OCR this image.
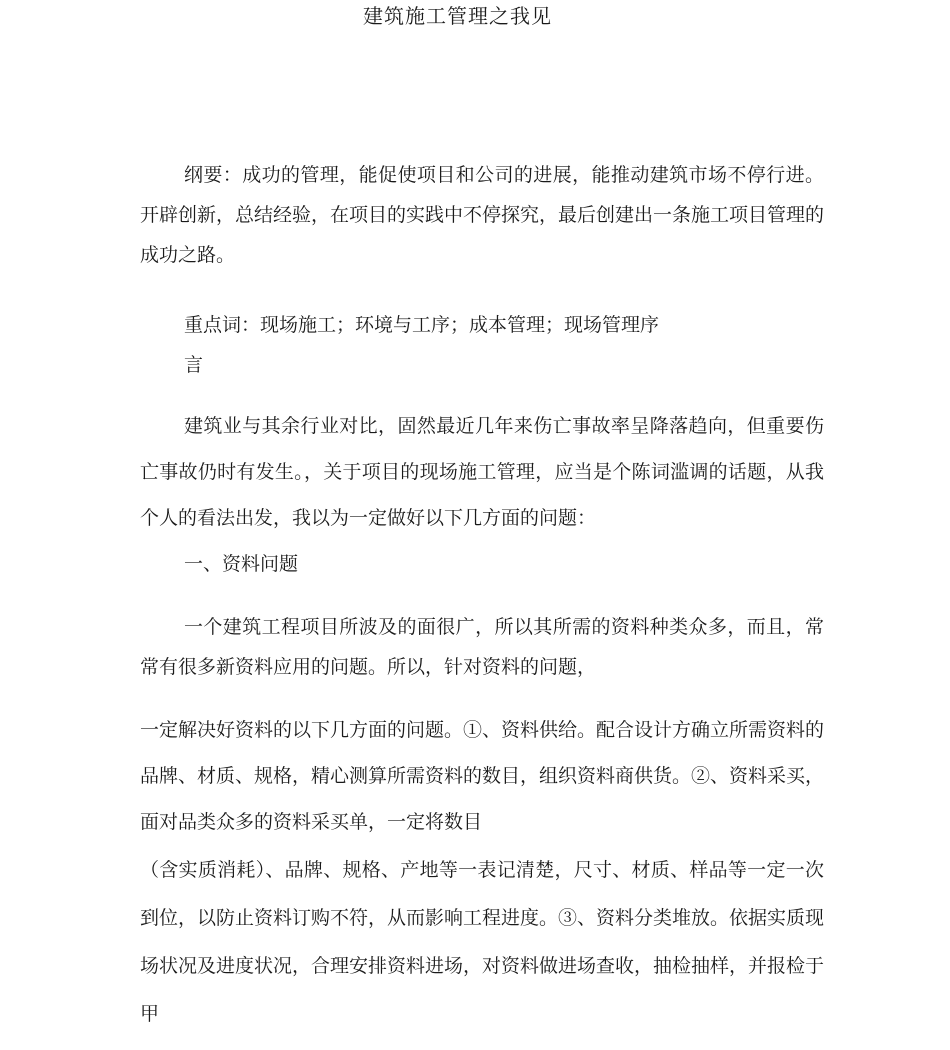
建筑施工管理之我见
纲要：成功的管理，能促使项目和公司的进展，能推动建筑市场不停行进。开辟创新，总结经验，在项目的实践中不停探究，最后创建出一条施工项目管理的成功之路。
重点词：现场施工；环境与工序；成本管理；现场管理序
言
建筑业与其余行业对比，固然最近几年来伤亡事故率呈降落趋向，但重要伤亡事故仍时有发生。，关于项目的现场施工管理，应当是个陈词滥调的话题，从我个人的看法出发，我以为一定做好以下几方面的问题：
一、资料问题
一个建筑工程项目所波及的面很广，所以其所需的资料种类众多，而且，常常有很多新资料应用的问题。所以，针对资料的问题，
一定解决好资料的以下几方面的问题。①、资料供给。配合设计方确立所需资料的品牌、材质、规格，精心测算所需资料的数目，组织资料商供货。②、资料采买，面对品类众多的资料采买单，一定将数目
（含实质消耗）、品牌、规格、产地等一表记清楚，尺寸、材质、样品等一定一次到位，以防止资料订购不符，从而影响工程进度。③、资料分类堆放。依据实质现场状况及进度状况，合理安排资料进场，对资料做进场查收，抽检抽样，并报检于甲
